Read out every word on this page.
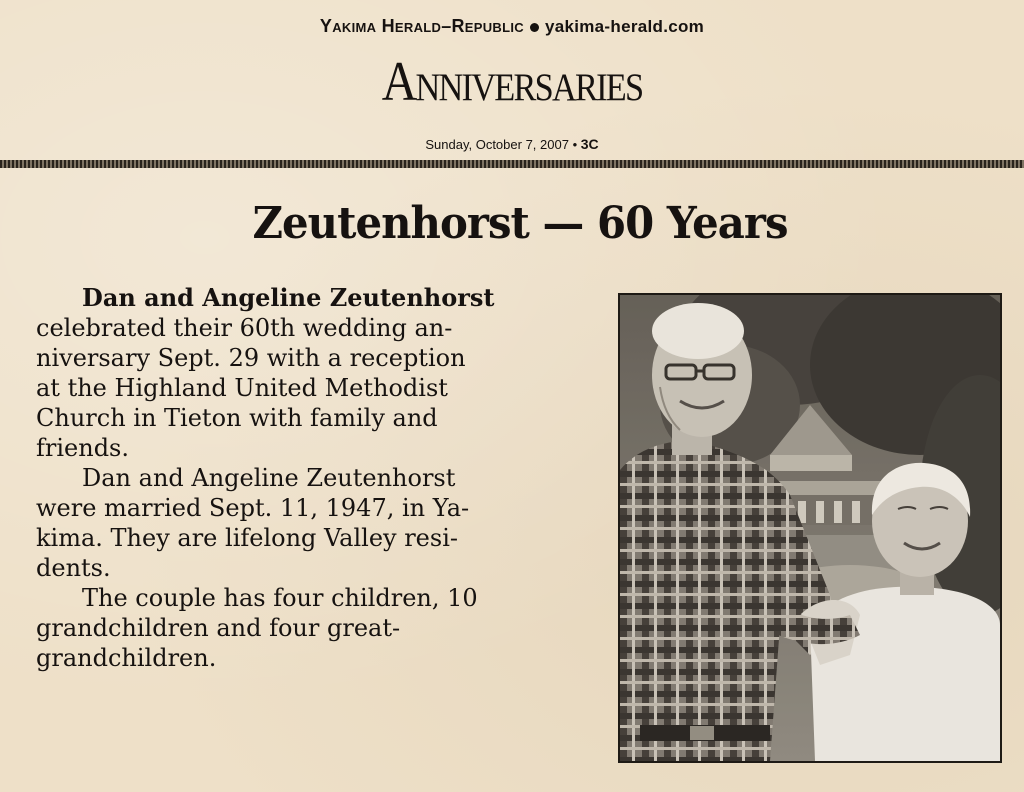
Yakima Herald–Republic yakima-herald.com
Anniversaries
Sunday, October 7, 2007 • 3C
Zeutenhorst — 60 Years
Dan and Angeline Zeutenhorst
celebrated their 60th wedding an-
niversary Sept. 29 with a reception
at the Highland United Methodist
Church in Tieton with family and
friends.
Dan and Angeline Zeutenhorst
were married Sept. 11, 1947, in Ya-
kima. They are lifelong Valley resi-
dents.
The couple has four children, 10
grandchildren and four great-
grandchildren.
